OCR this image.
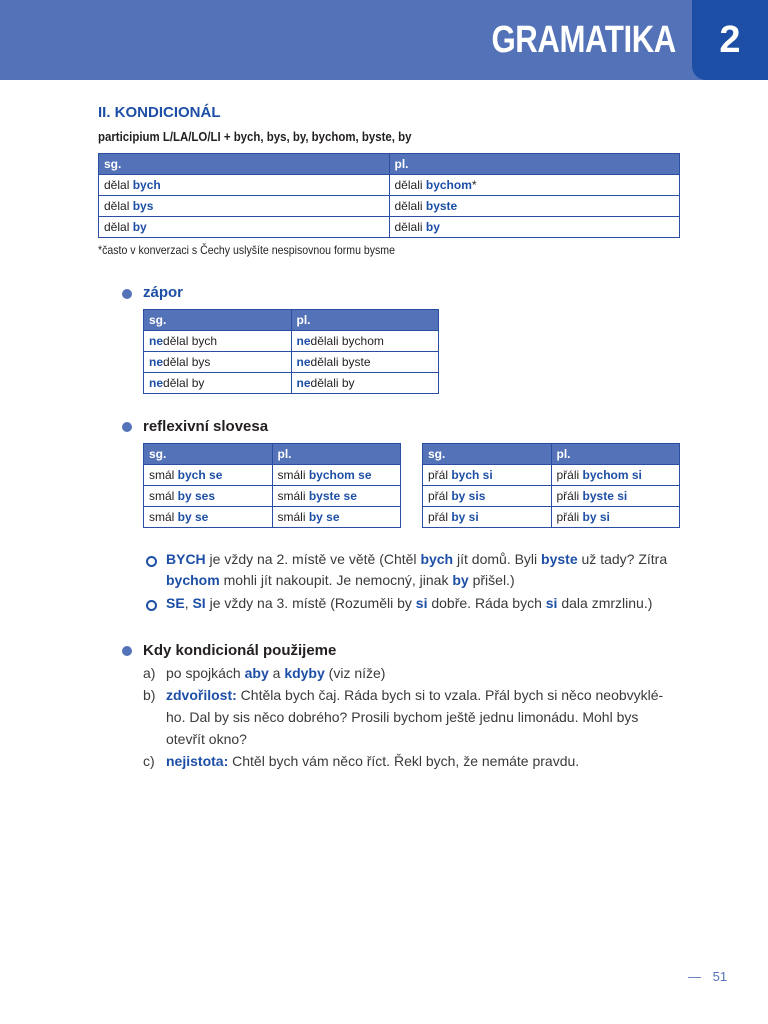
GRAMATIKA	2
II. KONDICIONÁL
participium L/LA/LO/LI + bych, bys, by, bychom, byste, by
sg.	pl.
dělal bych	dělali bychom*
dělal bys	dělali byste
dělal by	dělali by
*často v konverzaci s Čechy uslyšíte nespisovnou formu bysme
zápor
sg.	pl.
nedělal bych	nedělali bychom
nedělal bys	nedělali byste
nedělal by	nedělali by
reflexivní slovesa
sg.	pl.
smál bych se	smáli bychom se
smál by ses	smáli byste se
smál by se	smáli by se
sg.	pl.
přál bych si	přáli bychom si
přál by sis	přáli byste si
přál by si	přáli by si
BYCH je vždy na 2. místě ve větě (Chtěl bych jít domů. Byli byste už tady? Zítra
bychom mohli jít nakoupit. Je nemocný, jinak by přišel.)
SE, SI je vždy na 3. místě (Rozuměli by si dobře. Ráda bych si dala zmrzlinu.)
Kdy kondicionál použijeme
a) po spojkách aby a kdyby (viz níže)
b) zdvořilost: Chtěla bych čaj. Ráda bych si to vzala. Přál bych si něco neobvyklé-
ho. Dal by sis něco dobrého? Prosili bychom ještě jednu limonádu. Mohl bys
otevřít okno?
c) nejistota: Chtěl bych vám něco říct. Řekl bych, že nemáte pravdu.
— 51
